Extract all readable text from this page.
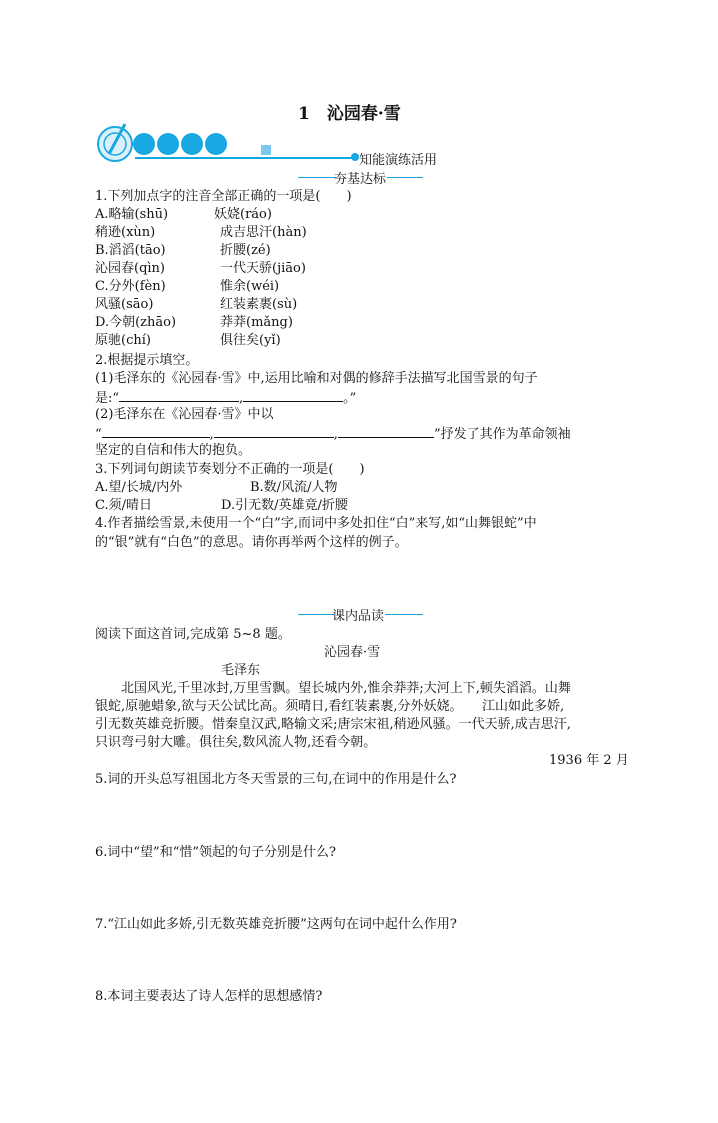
1　沁园春·雪
知能演练活用
夯基达标
1.下列加点字的注音全部正确的一项是(　　)
A.略输(shū)	妖娆(ráo)
稍逊(xùn)	成吉思汗(hàn)
B.滔滔(tāo)	折腰(zé)
沁园春(qìn)	一代天骄(jiāo)
C.分外(fèn)	惟余(wéi)
风骚(sāo)	红装素裹(sù)
D.今朝(zhāo)	莽莽(mǎng)
原驰(chí)	俱往矣(yǐ)
2.根据提示填空。
(1)毛泽东的《沁园春·雪》中,运用比喻和对偶的修辞手法描写北国雪景的句子
是:“	,	。”
(2)毛泽东在《沁园春·雪》中以
“	,	,	”抒发了其作为革命领袖
坚定的自信和伟大的抱负。
3.下列词句朗读节奏划分不正确的一项是(　　)
A.望/长城/内外	B.数/风流/人物
C.须/晴日	D.引无数/英雄竟/折腰
4.作者描绘雪景,未使用一个“白”字,而词中多处扣住“白”来写,如“山舞银蛇”中
的“银”就有“白色”的意思。请你再举两个这样的例子。
课内品读
阅读下面这首词,完成第 5~8 题。
沁园春·雪
毛泽东
北国风光,千里冰封,万里雪飘。望长城内外,惟余莽莽;大河上下,顿失滔滔。山舞
银蛇,原驰蜡象,欲与天公试比高。须晴日,看红装素裹,分外妖娆。　　江山如此多娇,
引无数英雄竞折腰。惜秦皇汉武,略输文采;唐宗宋祖,稍逊风骚。一代天骄,成吉思汗,
只识弯弓射大雕。俱往矣,数风流人物,还看今朝。
1936 年 2 月
5.词的开头总写祖国北方冬天雪景的三句,在词中的作用是什么?
6.词中“望”和“惜”领起的句子分别是什么?
7.“江山如此多娇,引无数英雄竞折腰”这两句在词中起什么作用?
8.本词主要表达了诗人怎样的思想感情?
